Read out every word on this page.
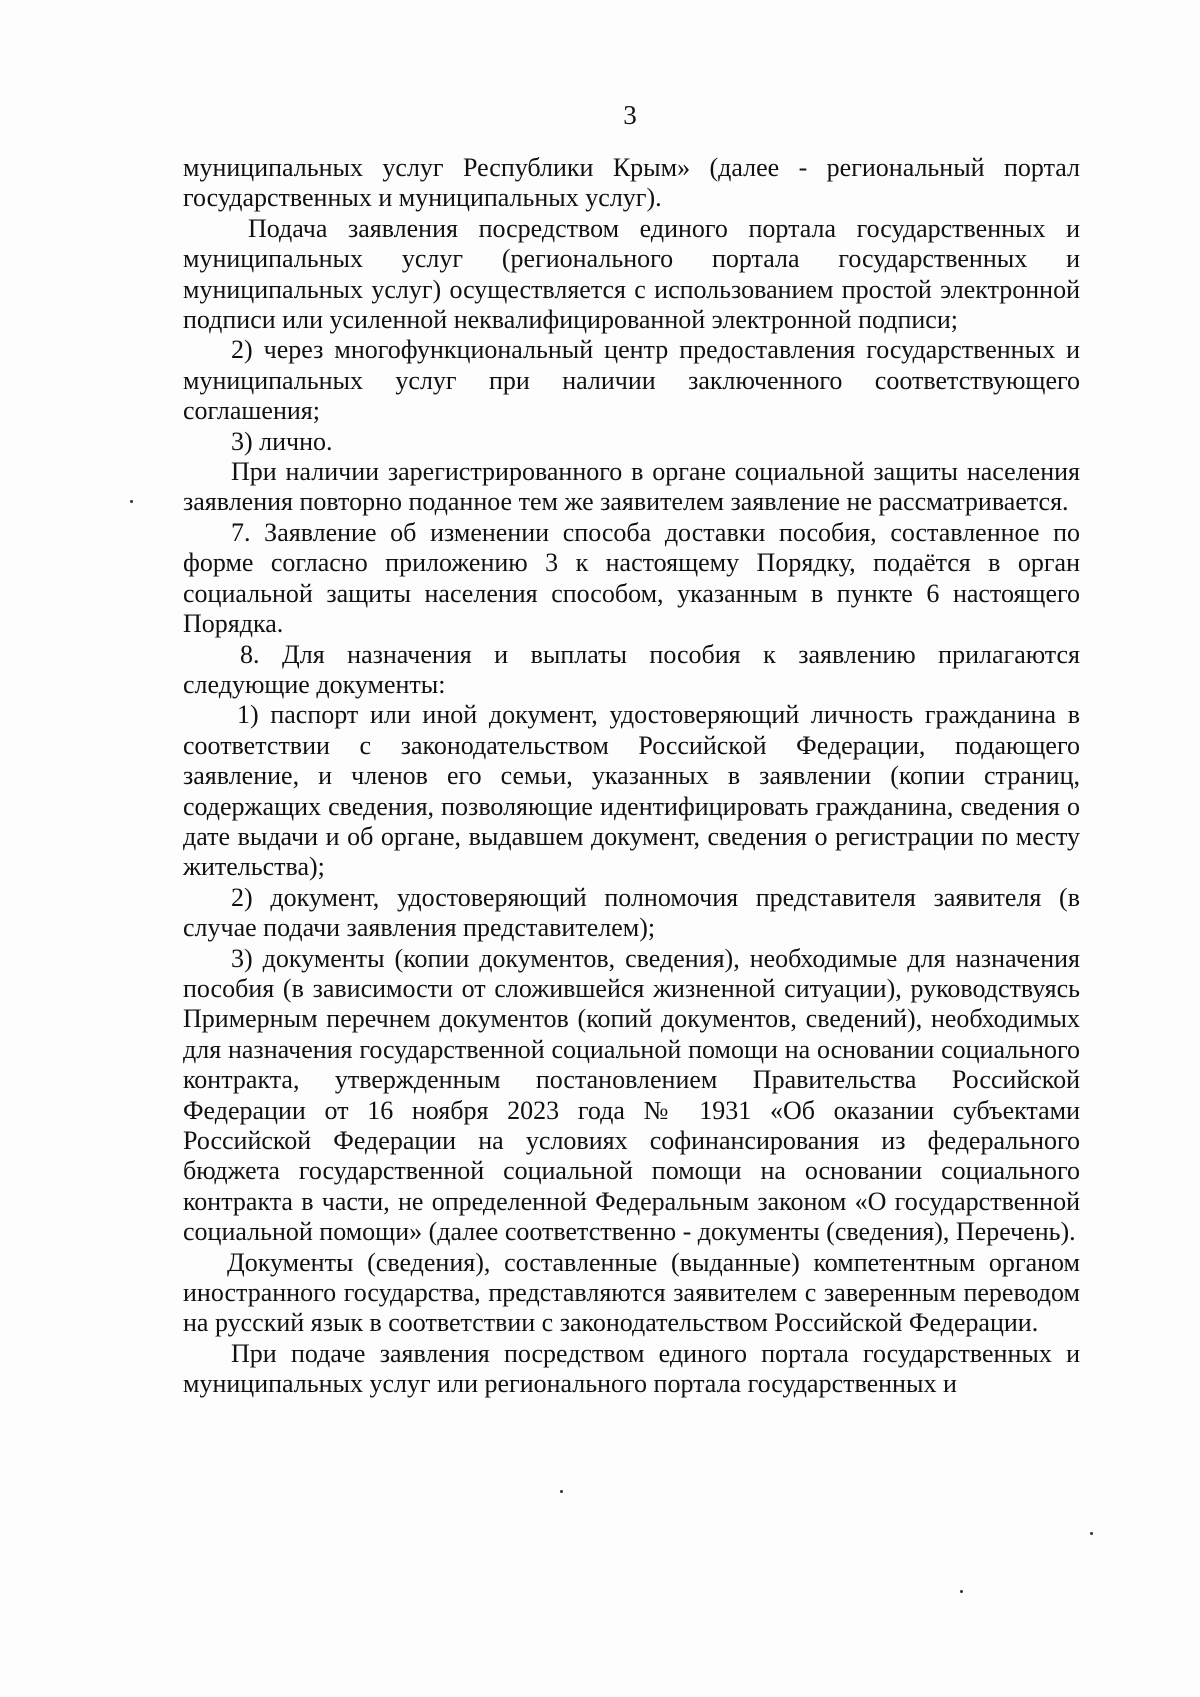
3

муниципальных услуг Республики Крым» (далее - региональный портал государственных и муниципальных услуг).

Подача заявления посредством единого портала государственных и муниципальных услуг (регионального портала государственных и муниципальных услуг) осуществляется с использованием простой электронной подписи или усиленной неквалифицированной электронной подписи;

2) через многофункциональный центр предоставления государственных и муниципальных услуг при наличии заключенного соответствующего соглашения;

3) лично.

При наличии зарегистрированного в органе социальной защиты населения заявления повторно поданное тем же заявителем заявление не рассматривается.

7. Заявление об изменении способа доставки пособия, составленное по форме согласно приложению 3 к настоящему Порядку, подаётся в орган социальной защиты населения способом, указанным в пункте 6 настоящего Порядка.

8. Для назначения и выплаты пособия к заявлению прилагаются следующие документы:

1) паспорт или иной документ, удостоверяющий личность гражданина в соответствии с законодательством Российской Федерации, подающего заявление, и членов его семьи, указанных в заявлении (копии страниц, содержащих сведения, позволяющие идентифицировать гражданина, сведения о дате выдачи и об органе, выдавшем документ, сведения о регистрации по месту жительства);

2) документ, удостоверяющий полномочия представителя заявителя (в случае подачи заявления представителем);

3) документы (копии документов, сведения), необходимые для назначения пособия (в зависимости от сложившейся жизненной ситуации), руководствуясь Примерным перечнем документов (копий документов, сведений), необходимых для назначения государственной социальной помощи на основании социального контракта, утвержденным постановлением Правительства Российской Федерации от 16 ноября 2023 года № 1931 «Об оказании субъектами Российской Федерации на условиях софинансирования из федерального бюджета государственной социальной помощи на основании социального контракта в части, не определенной Федеральным законом «О государственной социальной помощи» (далее соответственно - документы (сведения), Перечень).

Документы (сведения), составленные (выданные) компетентным органом иностранного государства, представляются заявителем с заверенным переводом на русский язык в соответствии с законодательством Российской Федерации.

При подаче заявления посредством единого портала государственных и муниципальных услуг или регионального портала государственных и
